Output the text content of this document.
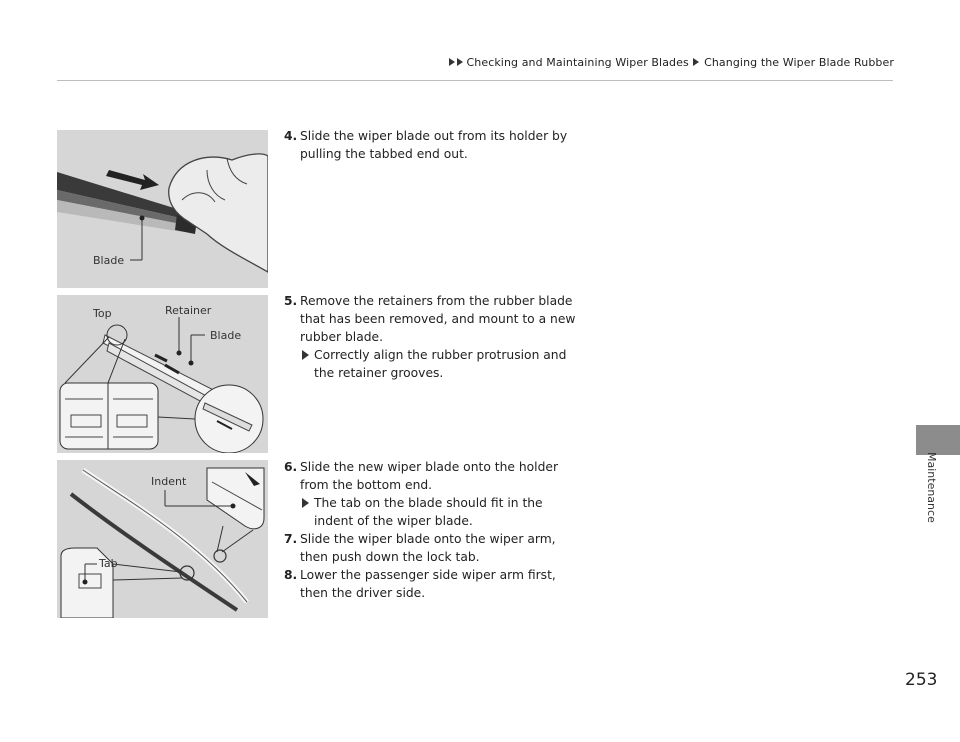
Checking and Maintaining Wiper Blades Changing the Wiper Blade Rubber
Maintenance
253
Blade
Top	Retainer
Blade
Indent
Tab
4. Slide the wiper blade out from its holder by pulling the tabbed end out.
5. Remove the retainers from the rubber blade that has been removed, and mount to a new rubber blade.
Correctly align the rubber protrusion and the retainer grooves.
6. Slide the new wiper blade onto the holder from the bottom end.
The tab on the blade should fit in the indent of the wiper blade.
7. Slide the wiper blade onto the wiper arm, then push down the lock tab.
8. Lower the passenger side wiper arm first, then the driver side.
